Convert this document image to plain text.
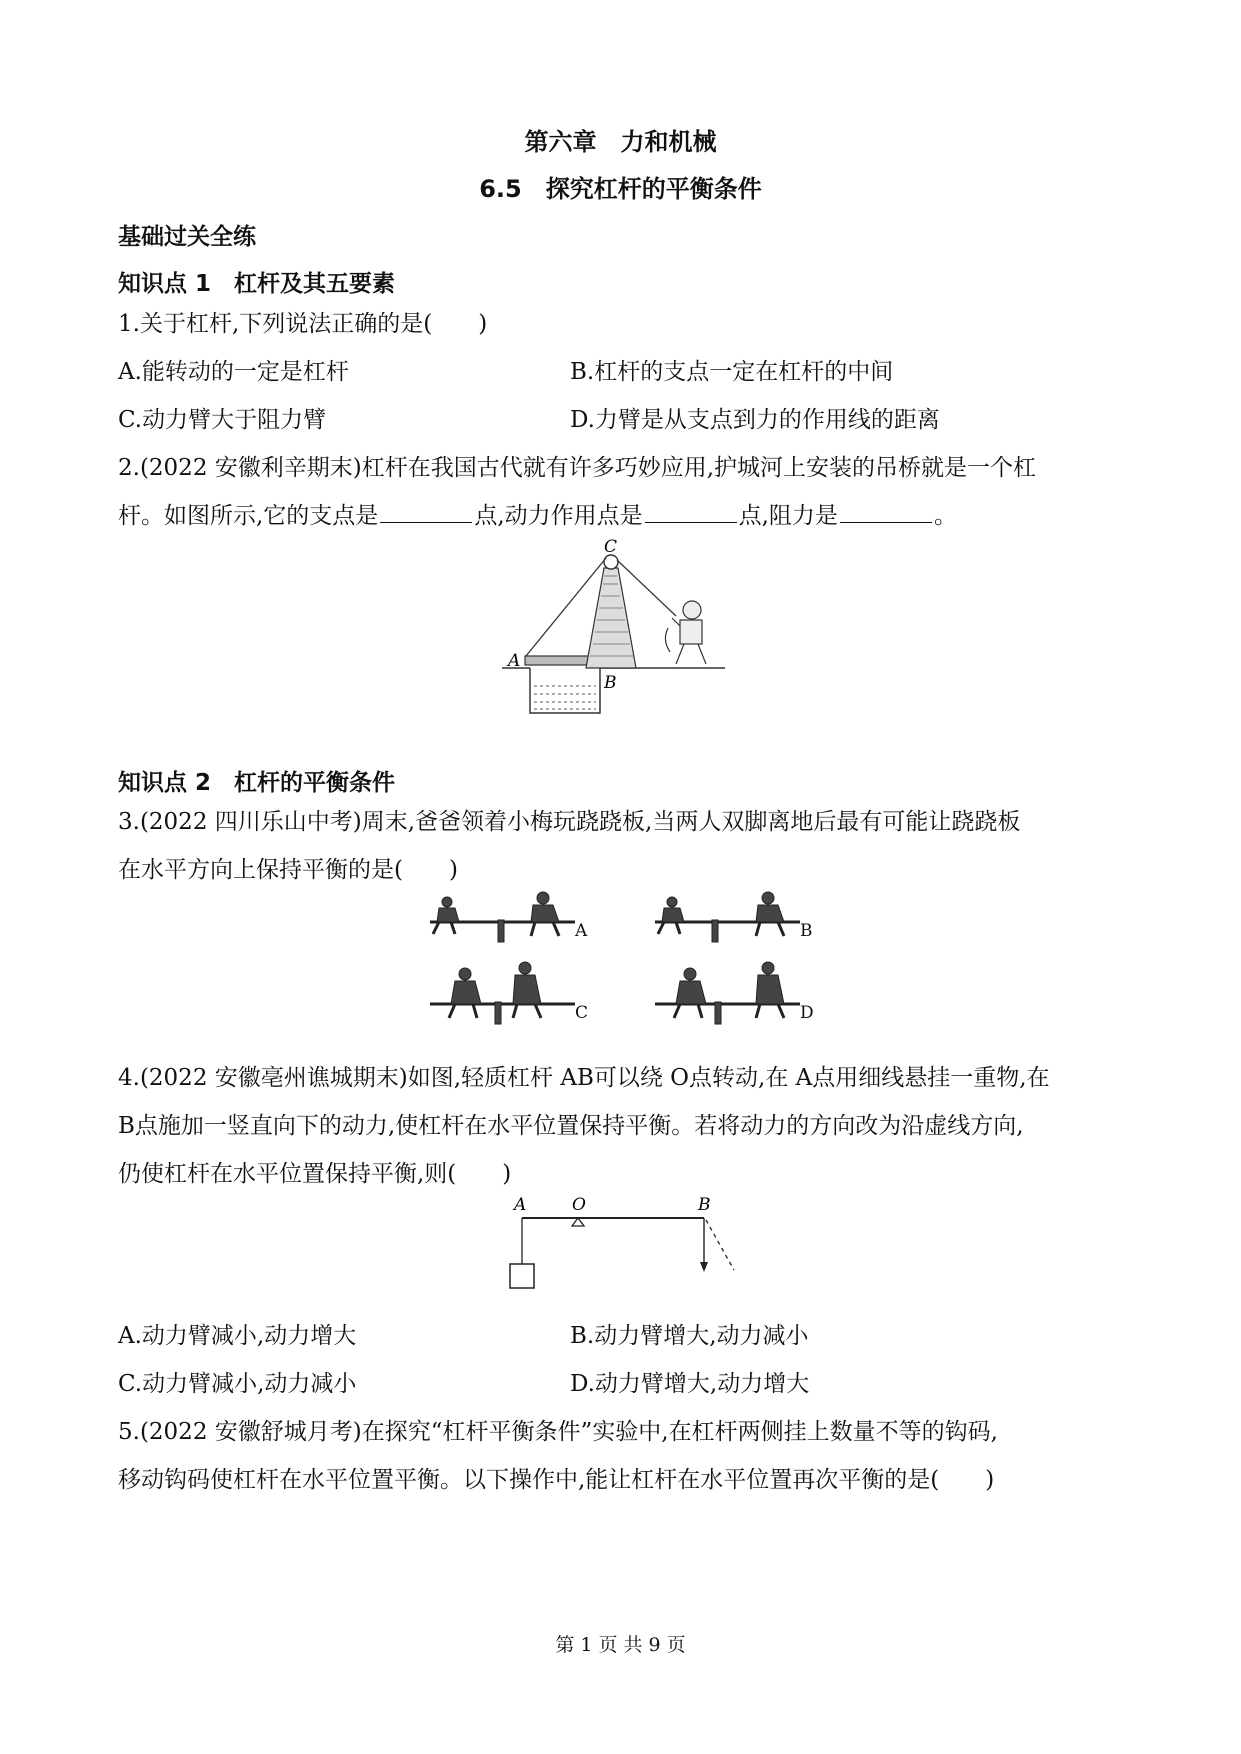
第六章　力和机械
6.5　探究杠杆的平衡条件
基础过关全练
知识点 1　杠杆及其五要素
1.关于杠杆,下列说法正确的是( )
A.能转动的一定是杠杆	B.杠杆的支点一定在杠杆的中间
C.动力臂大于阻力臂	D.力臂是从支点到力的作用线的距离
2.(2022 安徽利辛期末)杠杆在我国古代就有许多巧妙应用,护城河上安装的吊桥就是一个杠
杆。如图所示,它的支点是	点,动力作用点是	点,阻力是	。
A
B
C
知识点 2　杠杆的平衡条件
3.(2022 四川乐山中考)周末,爸爸领着小梅玩跷跷板,当两人双脚离地后最有可能让跷跷板
在水平方向上保持平衡的是( )
A	B
C	D
4.(2022 安徽亳州谯城期末)如图,轻质杠杆 AB可以绕 O点转动,在 A点用细线悬挂一重物,在
B点施加一竖直向下的动力,使杠杆在水平位置保持平衡。若将动力的方向改为沿虚线方向,
仍使杠杆在水平位置保持平衡,则( )
A	O	B
A.动力臂减小,动力增大	B.动力臂增大,动力减小
C.动力臂减小,动力减小	D.动力臂增大,动力增大
5.(2022 安徽舒城月考)在探究“杠杆平衡条件”实验中,在杠杆两侧挂上数量不等的钩码,
移动钩码使杠杆在水平位置平衡。以下操作中,能让杠杆在水平位置再次平衡的是( )
第 1 页 共 9 页
